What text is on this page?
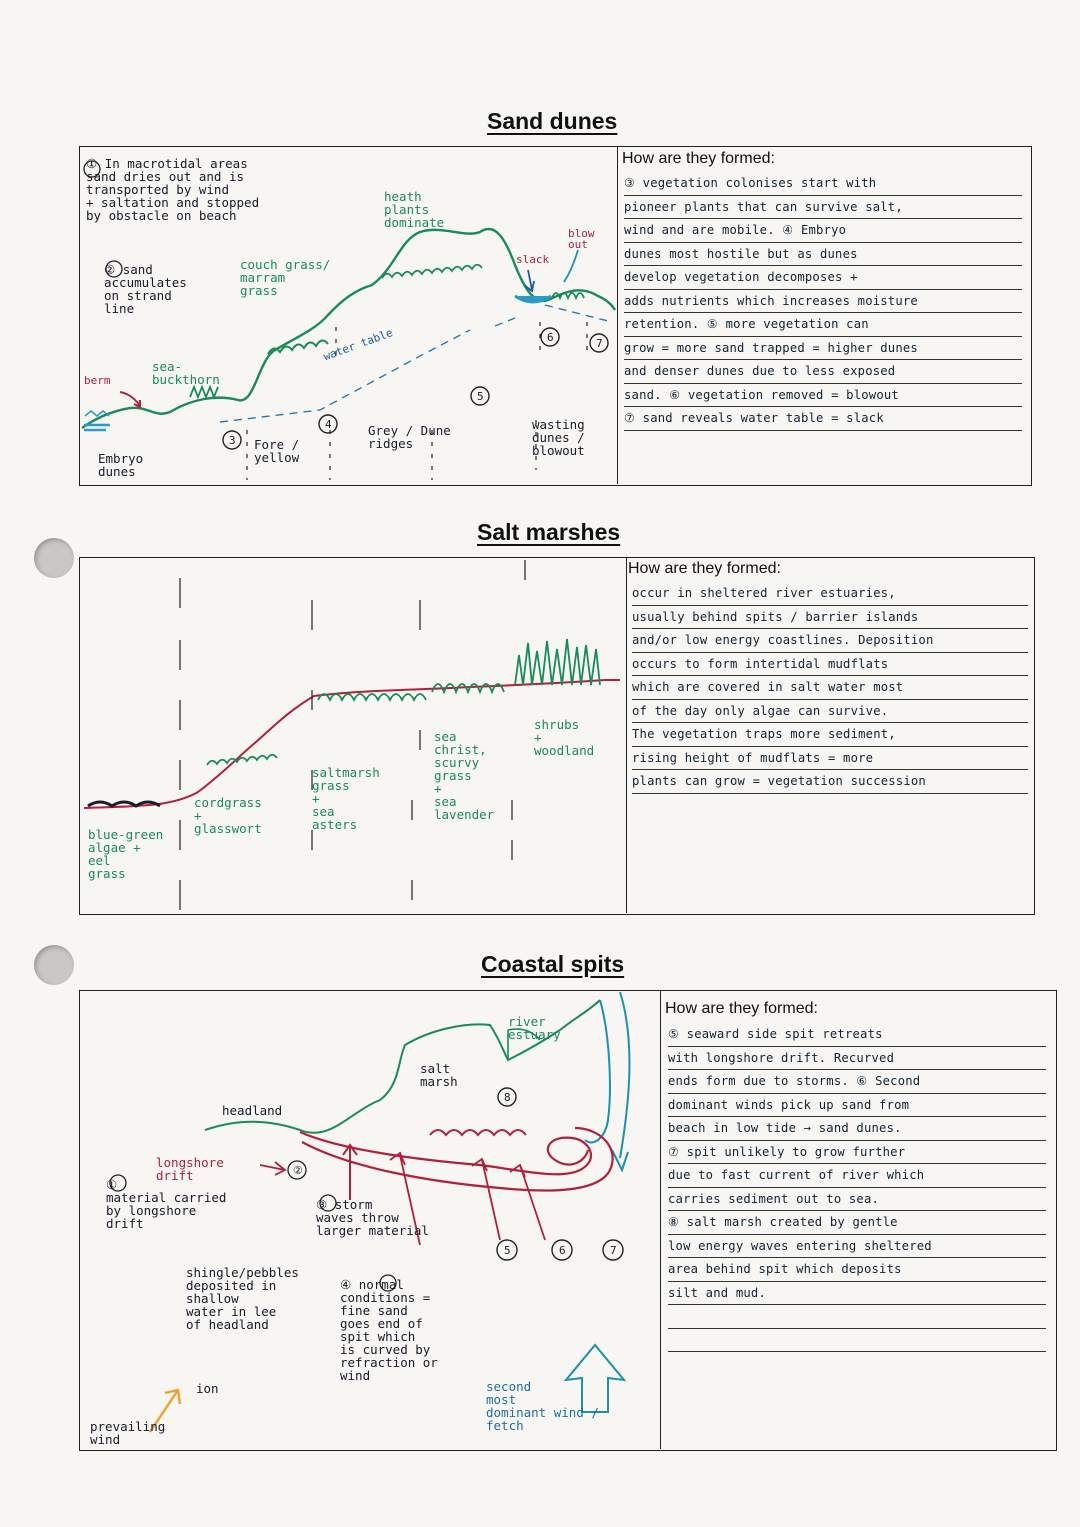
Sand dunes
How are they formed:
③ vegetation colonises start with
pioneer plants that can survive salt,
wind and are mobile. ④ Embryo
dunes most hostile but as dunes
develop vegetation decomposes +
adds nutrients which increases moisture
retention. ⑤ more vegetation can
grow = more sand trapped = higher dunes
and denser dunes due to less exposed
sand. ⑥ vegetation removed = blowout
⑦ sand reveals water table = slack
Salt marshes
How are they formed:
occur in sheltered river estuaries,
usually behind spits / barrier islands
and/or low energy coastlines. Deposition
occurs to form intertidal mudflats
which are covered in salt water most
of the day only algae can survive.
The vegetation traps more sediment,
rising height of mudflats = more
plants can grow = vegetation succession
Coastal spits
How are they formed:
⑤ seaward side spit retreats
with longshore drift. Recurved
ends form due to storms. ⑥ Second
dominant winds pick up sand from
beach in low tide → sand dunes.
⑦ spit unlikely to grow further
due to fast current of river which
carries sediment out to sea.
⑧ salt marsh created by gentle
low energy waves entering sheltered
area behind spit which deposits
silt and mud.
① In macrotidal areas
sand dries out and is
transported by wind
+ saltation and stopped
by obstacle on beach
② sand
accumulates
on strand
line
couch grass/
marram
grass
heath
plants
dominate
slack
blow
out
berm
sea-
buckthorn
water table
Embryo
dunes
Fore /
yellow
Grey / Dune
ridges
wasting
dunes /
blowout
3
4
5
6	7
blue-green
algae +
eel
grass
cordgrass
+
glasswort
saltmarsh
grass
+
sea
asters
sea
christ,
scurvy
grass
+
sea
lavender
shrubs
+
woodland
river
estuary
salt
marsh
headland
longshore
drift
①
material carried
by longshore
drift
②
③ storm
waves throw
larger material
shingle/pebbles
deposited in
shallow
water in lee
of headland
④ normal
conditions =
fine sand
goes end of
spit which
is curved by
refraction or
wind
ion
prevailing
wind
second
most
dominant wind /
fetch
5	6	7
8
